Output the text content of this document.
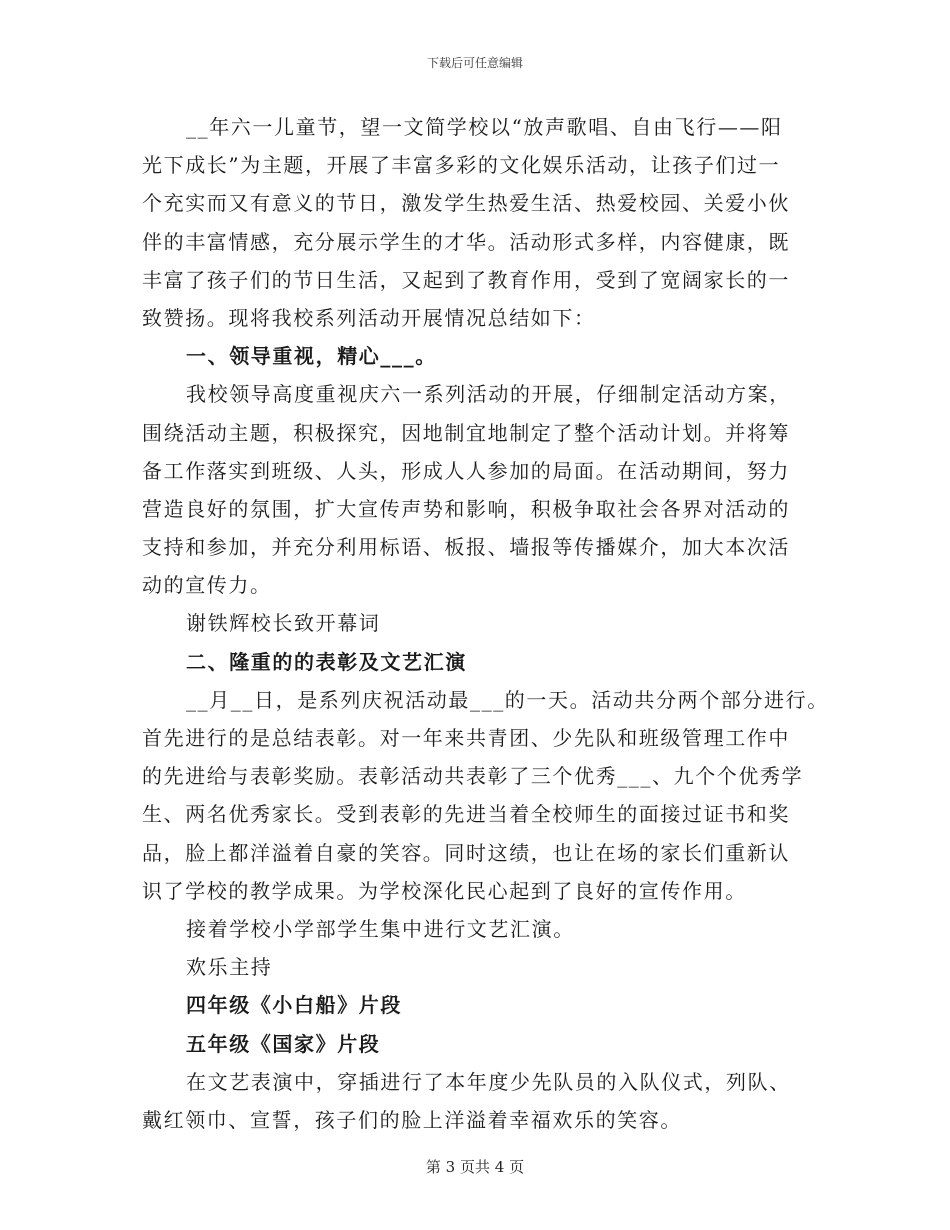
下载后可任意编辑
__年六一儿童节，望一文简学校以“放声歌唱、自由飞行——阳
光下成长”为主题，开展了丰富多彩的文化娱乐活动，让孩子们过一
个充实而又有意义的节日，激发学生热爱生活、热爱校园、关爱小伙
伴的丰富情感，充分展示学生的才华。活动形式多样，内容健康，既
丰富了孩子们的节日生活，又起到了教育作用，受到了宽阔家长的一
致赞扬。现将我校系列活动开展情况总结如下：
一、领导重视，精心___。
我校领导高度重视庆六一系列活动的开展，仔细制定活动方案，
围绕活动主题，积极探究，因地制宜地制定了整个活动计划。并将筹
备工作落实到班级、人头，形成人人参加的局面。在活动期间，努力
营造良好的氛围，扩大宣传声势和影响，积极争取社会各界对活动的
支持和参加，并充分利用标语、板报、墙报等传播媒介，加大本次活
动的宣传力。
谢铁辉校长致开幕词
二、隆重的的表彰及文艺汇演
__月__日，是系列庆祝活动最___的一天。活动共分两个部分进行。
首先进行的是总结表彰。对一年来共青团、少先队和班级管理工作中
的先进给与表彰奖励。表彰活动共表彰了三个优秀___、九个个优秀学
生、两名优秀家长。受到表彰的先进当着全校师生的面接过证书和奖
品，脸上都洋溢着自豪的笑容。同时这绩，也让在场的家长们重新认
识了学校的教学成果。为学校深化民心起到了良好的宣传作用。
接着学校小学部学生集中进行文艺汇演。
欢乐主持
四年级《小白船》片段
五年级《国家》片段
在文艺表演中，穿插进行了本年度少先队员的入队仪式，列队、
戴红领巾、宣誓，孩子们的脸上洋溢着幸福欢乐的笑容。
第 3 页共 4 页
